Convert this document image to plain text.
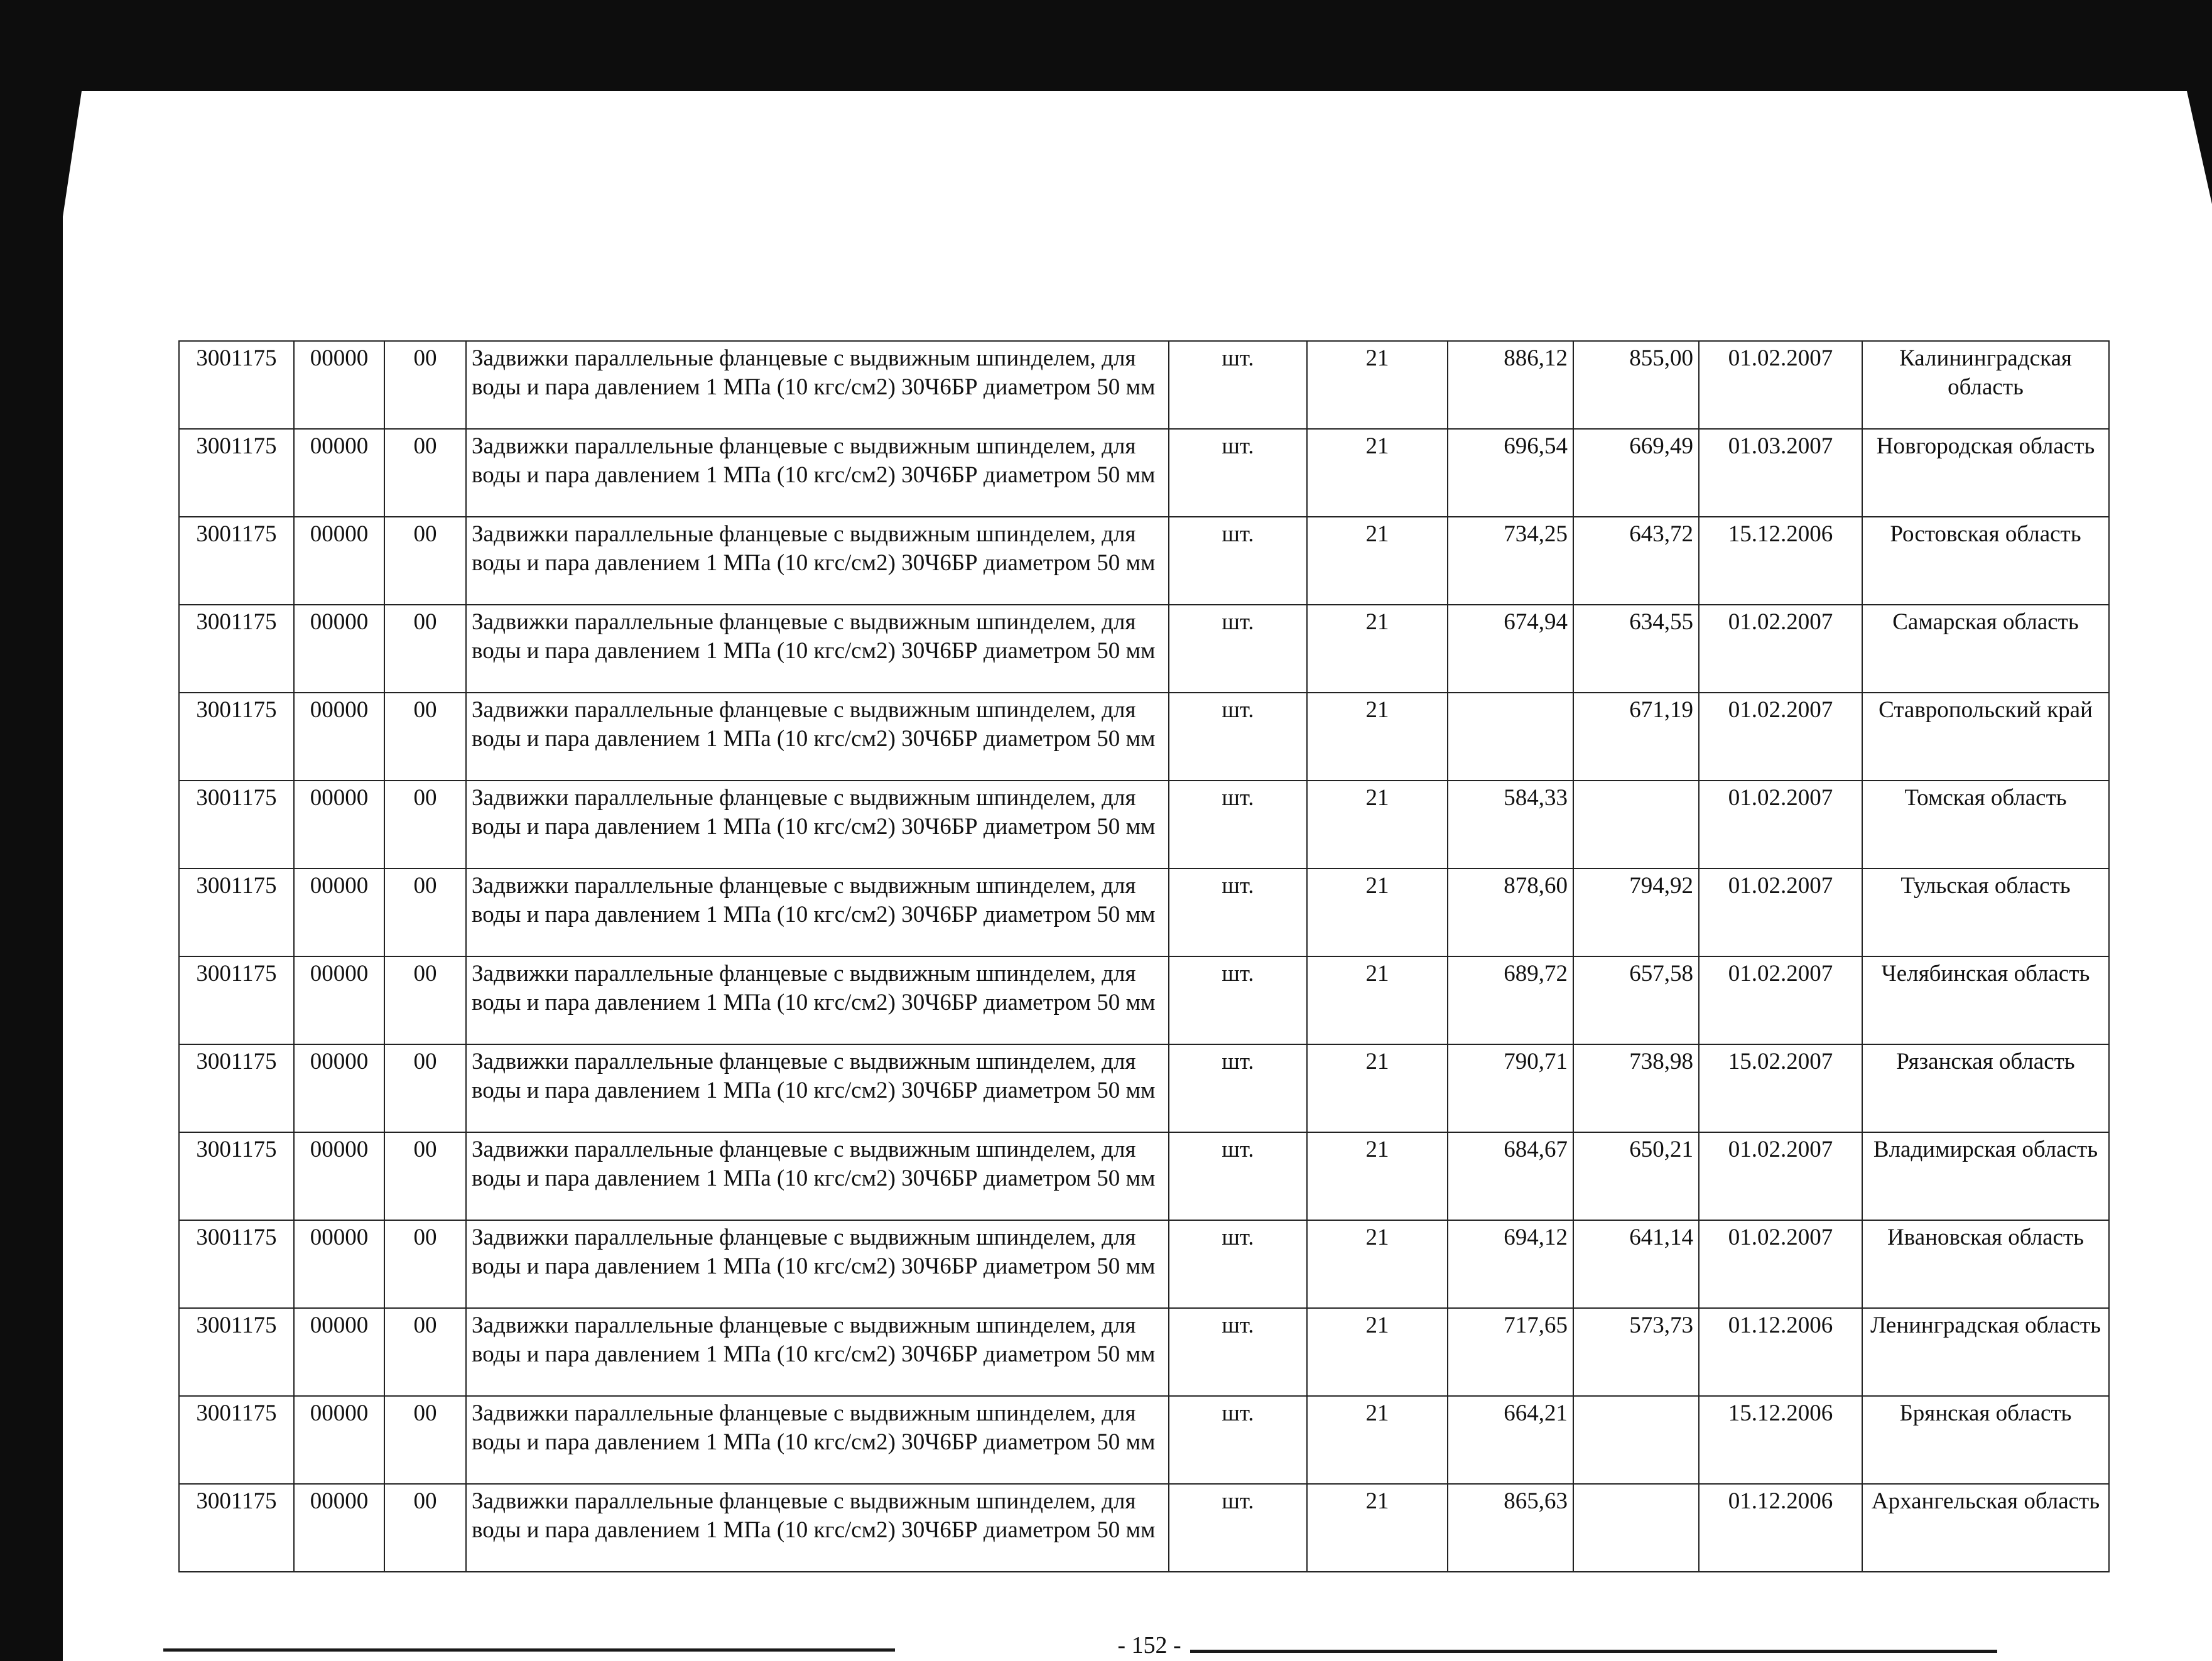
3001175	00000	00	Задвижки параллельные фланцевые с выдвижным шпинделем, для воды и пара давлением 1 МПа (10 кгс/см2) 30Ч6БР диаметром 50 мм	шт.	21	886,12	855,00	01.02.2007	Калининградская область
3001175	00000	00	Задвижки параллельные фланцевые с выдвижным шпинделем, для воды и пара давлением 1 МПа (10 кгс/см2) 30Ч6БР диаметром 50 мм	шт.	21	696,54	669,49	01.03.2007	Новгородская область
3001175	00000	00	Задвижки параллельные фланцевые с выдвижным шпинделем, для воды и пара давлением 1 МПа (10 кгс/см2) 30Ч6БР диаметром 50 мм	шт.	21	734,25	643,72	15.12.2006	Ростовская область
3001175	00000	00	Задвижки параллельные фланцевые с выдвижным шпинделем, для воды и пара давлением 1 МПа (10 кгс/см2) 30Ч6БР диаметром 50 мм	шт.	21	674,94	634,55	01.02.2007	Самарская область
3001175	00000	00	Задвижки параллельные фланцевые с выдвижным шпинделем, для воды и пара давлением 1 МПа (10 кгс/см2) 30Ч6БР диаметром 50 мм	шт.	21		671,19	01.02.2007	Ставропольский край
3001175	00000	00	Задвижки параллельные фланцевые с выдвижным шпинделем, для воды и пара давлением 1 МПа (10 кгс/см2) 30Ч6БР диаметром 50 мм	шт.	21	584,33		01.02.2007	Томская область
3001175	00000	00	Задвижки параллельные фланцевые с выдвижным шпинделем, для воды и пара давлением 1 МПа (10 кгс/см2) 30Ч6БР диаметром 50 мм	шт.	21	878,60	794,92	01.02.2007	Тульская область
3001175	00000	00	Задвижки параллельные фланцевые с выдвижным шпинделем, для воды и пара давлением 1 МПа (10 кгс/см2) 30Ч6БР диаметром 50 мм	шт.	21	689,72	657,58	01.02.2007	Челябинская область
3001175	00000	00	Задвижки параллельные фланцевые с выдвижным шпинделем, для воды и пара давлением 1 МПа (10 кгс/см2) 30Ч6БР диаметром 50 мм	шт.	21	790,71	738,98	15.02.2007	Рязанская область
3001175	00000	00	Задвижки параллельные фланцевые с выдвижным шпинделем, для воды и пара давлением 1 МПа (10 кгс/см2) 30Ч6БР диаметром 50 мм	шт.	21	684,67	650,21	01.02.2007	Владимирская область
3001175	00000	00	Задвижки параллельные фланцевые с выдвижным шпинделем, для воды и пара давлением 1 МПа (10 кгс/см2) 30Ч6БР диаметром 50 мм	шт.	21	694,12	641,14	01.02.2007	Ивановская область
3001175	00000	00	Задвижки параллельные фланцевые с выдвижным шпинделем, для воды и пара давлением 1 МПа (10 кгс/см2) 30Ч6БР диаметром 50 мм	шт.	21	717,65	573,73	01.12.2006	Ленинградская область
3001175	00000	00	Задвижки параллельные фланцевые с выдвижным шпинделем, для воды и пара давлением 1 МПа (10 кгс/см2) 30Ч6БР диаметром 50 мм	шт.	21	664,21		15.12.2006	Брянская область
3001175	00000	00	Задвижки параллельные фланцевые с выдвижным шпинделем, для воды и пара давлением 1 МПа (10 кгс/см2) 30Ч6БР диаметром 50 мм	шт.	21	865,63		01.12.2006	Архангельская область
- 152 -
